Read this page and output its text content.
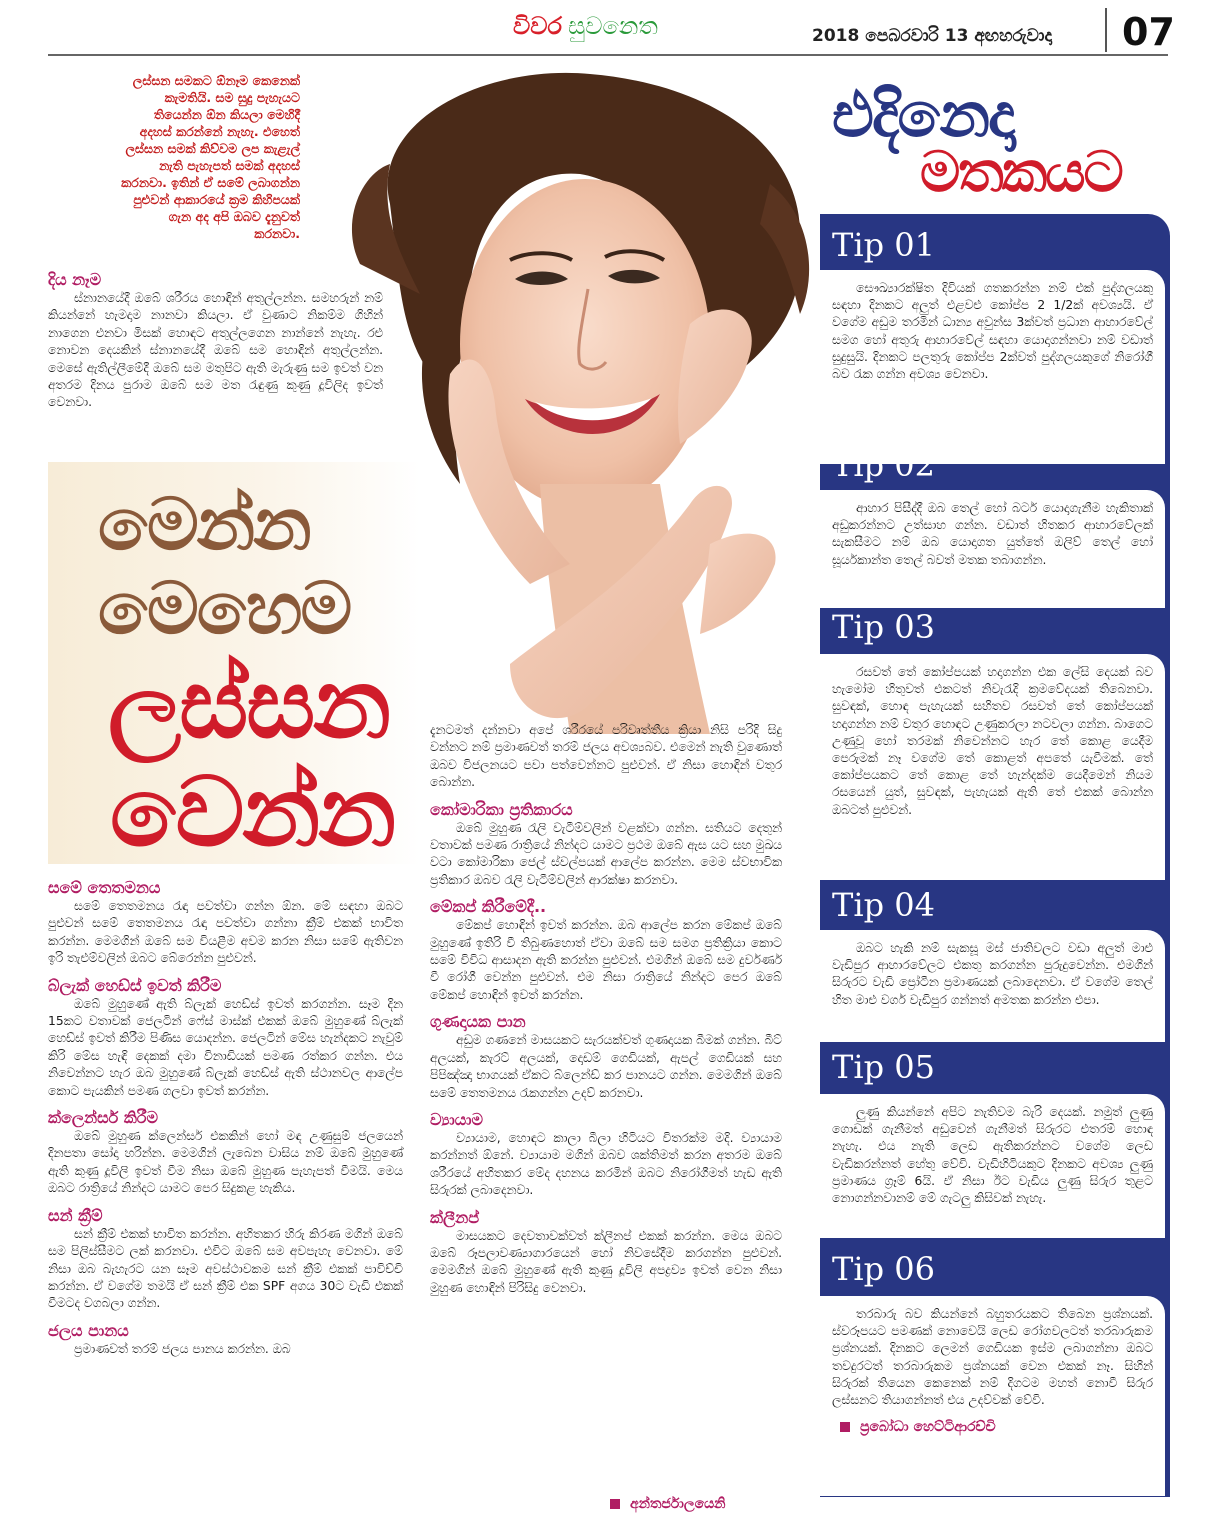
විවර සුවනෙත	2018 පෙබරවාරි 13 අඟහරුවාදා 07
ලස්සන සමකට ඕනෑම කෙනෙක් කැමතියි. සම සුදු පැහැයට තියෙන්න ඕන කියලා මෙහිදී අදහස් කරන්නේ නැහැ. එහෙත් ලස්සන සමක් කිව්වම ලප කැළැල් නැති පැහැපත් සමක් අදහස් කරනවා. ඉතින් ඒ සමේ ලබාගන්න පුළුවන් ආකාරයේ ක්‍රම කිහිපයක් ගැන අද අපි ඔබව දැනුවත් කරනවා.

දිය නෑම

ස්නානයේදී ඔබේ ශරීරය හොඳින් අතුල්ලන්න. සමහරුන් නම් කියන්නේ හැමදාම නානවා කියලා. ඒ වුණාට නිකම්ම ගිහින් නාගෙන එනවා මිසක් හොඳට අතුල්ලගෙන නාන්නේ නැහැ. රළු නොවන දෙයකින් ස්නානයේදී ඔබේ සම හොඳින් අතුල්ලන්න. මෙසේ ඇතිල්ලීමේදී ඔබේ සම මතුපිට ඇති මැරුණු සම ඉවත් වන අතරම දිනය පුරාම ඔබේ සම මත රැඳුණු කුණු දූවිලිද ඉවත් වෙනවා.

මෙන්න
මෙහෙම
ලස්සන
වෙන්න

සමේ තෙතමනය

සමේ තෙතමනය රැඳා පවත්වා ගන්න ඕන. මේ සඳහා ඔබට පුළුවන් සමේ තෙතමනය රැඳා පවත්වා ගන්නා ක්‍රීම් එකක් භාවිත කරන්න. මෙමගින් ඔබේ සම වියළීම අවම කරන නිසා සමේ ඇතිවන ඉරි තැළුම්වලින් ඔබට බේරෙන්න පුළුවන්.

බ්ලැක් හෙඩ්ස් ඉවත් කිරීම

ඔබේ මුහුණේ ඇති බ්ලැක් හෙඩ්ස් ඉවත් කරගන්න. සෑම දින 15කට වතාවක් ජෙලටින් ෆේස් මාස්ක් එකක් ඔබේ මුහුණේ බ්ලැක් හෙඩ්ස් ඉවත් කිරීම පිණිස යොදන්න. ජෙලටින් මේස හැන්දකට නැවුම් කිරි මේස හැඳි දෙකක් දමා විනාඩියක් පමණ රත්කර ගන්න. එය නිවෙන්නට හැර ඔබ මුහුණේ බ්ලැක් හෙඩ්ස් ඇති ස්ථානවල ආලේප කොට පැයකින් පමණ ගලවා ඉවත් කරන්න.

ක්ලෙන්සර් කිරීම

ඔබේ මුහුණ ක්ලෙන්සර් එකකින් හෝ මඳ උණුසුම් ජලයෙන් දිනපතා සෝදා හරින්න. මෙමගින් ලැබෙන වාසිය නම් ඔබේ මුහුණේ ඇති කුණු දූවිලි ඉවත් වීම නිසා ඔබේ මුහුණ පැහැපත් වීමයි. මෙය ඔබට රාත්‍රියේ නින්දට යාමට පෙර සිදුකළ හැකිය.

සන් ක්‍රීම්

සන් ක්‍රීම් එකක් භාවිත කරන්න. අහිතකර හිරු කිරණ මගින් ඔබේ සම පිලිස්සීමට ලක් කරනවා. එවිට ඔබේ සම අවපැහැ වෙනවා. මේ නිසා ඔබ බැහැරට යන සෑම අවස්ථාවකම සන් ක්‍රීම් එකක් පාවිච්චි කරන්න. ඒ වගේම තමයි ඒ සන් ක්‍රීම් එක SPF අගය 30ට වැඩි එකක් වීමටද වගබලා ගන්න.

ජලය පානය

ප්‍රමාණවත් තරම් ජලය පානය කරන්න. ඔබ

දැනටමත් දන්නවා අපේ ශරීරයේ පරිවෘත්තීය ක්‍රියා නිසි පරිදි සිදු වන්නට නම් ප්‍රමාණවත් තරම් ජලය අවශ්‍යබව. එමෙන් නැති වුණොත් ඔබව විජලනයට පවා පත්වෙන්නට පුළුවන්. ඒ නිසා හොඳින් වතුර බොන්න.

කෝමාරිකා ප්‍රතිකාරය

ඔබේ මුහුණ රැලි වැටීම්වලින් වළක්වා ගන්න. සතියට දෙතුන් වතාවක් පමණ රාත්‍රියේ නින්දට යාමට ප්‍රථම ඔබේ ඇස යට සහ මුඛය වටා කෝමාරිකා ජෙල් ස්වල්පයක් ආලේප කරන්න. මෙම ස්වභාවික ප්‍රතිකාර ඔබව රැලි වැටීම්වලින් ආරක්ෂා කරනවා.

මේකප් කිරීමේදී..

මේකප් හොඳින් ඉවත් කරන්න. ඔබ ආලේප කරන මේකප් ඔබේ මුහුණේ ඉතිරි වී තිබුණහොත් ඒවා ඔබේ සම සමග ප්‍රතික්‍රියා කොට සමේ විවිධ ආසාදන ඇති කරන්න පුළුවන්. එමගින් ඔබේ සම දුර්වර්ණ වී රෝගී වෙන්න පුළුවන්. එම නිසා රාත්‍රියේ නින්දට පෙර ඔබේ මේකප් හොඳින් ඉවත් කරන්න.

ගුණදායක පාන

අඩුම ගණනේ මාසයකට සැරයක්වත් ගුණදායක බීමක් ගන්න. බීට් අලයක්, කැරට් අලයක්, දොඩම් ගෙඩියක්, ඇපල් ගෙඩියක් සහ පිපිඤ්ඤා භාගයක් ඒකට බ්ලෙන්ඩ් කර පානයට ගන්න. මෙමගින් ඔබේ සමේ තෙතමනය රැකගන්න උදව් කරනවා.

ව්‍යායාම

ව්‍යායාම, හොඳට කාලා බීලා හිටියට විතරක්ම මදි. ව්‍යායාම කරන්නත් ඕනේ. ව්‍යායාම මගින් ඔබව ශක්තිමත් කරන අතරම ඔබේ ශරීරයේ අහිතකර මේද දහනය කරමින් ඔබට නිරෝගීමත් හැඩ ඇති සිරුරක් ලබාදෙනවා.

ක්ලීනප්

මාසයකට දෙවතාවක්වත් ක්ලීනප් එකක් කරන්න. මෙය ඔබට ඔබේ රූපලාවණ්‍යාගාරයෙන් හෝ නිවසේදීම කරගන්න පුළුවන්. මෙමගින් ඔබේ මුහුණේ ඇති කුණු දූවිලි අපද්‍රව්‍ය ඉවත් වෙන නිසා මුහුණ හොඳින් පිරිසිදු වෙනවා.

අන්තර්ජාලයෙනි
එදිනෙදා
මතකයට
Tip 01

සෞඛ්‍යාරක්ෂිත දිවියක් ගතකරන්න නම් එක් පුද්ගලයකු සඳහා දිනකට අලුත් එළවළු කෝප්ප 2 1/2ක් අවශ්‍යයි. ඒ වගේම අඩුම තරමින් ධාන්‍ය අවුන්ස 3ක්වත් ප්‍රධාන ආහාරවේල් සමග හෝ අතුරු ආහාරවේල් සඳහා යොදාගන්නවා නම් වඩාත් සුදුසුයි. දිනකට පලතුරු කෝප්ප 2ක්වත් පුද්ගලයකුගේ නිරෝගී බව රැක ගන්න අවශ්‍ය වෙනවා.

Tip 02

ආහාර පිසීද්දී ඔබ තෙල් හෝ බටර් යොදාගැනීම හැකිතාක් අඩුකරන්නට උත්සාහ ගන්න. වඩාත් හිතකර ආහාරවේලක් සැකසීමට නම් ඔබ යොදාගත යුත්තේ ඔලිව් තෙල් හෝ සූර්යකාන්ත තෙල් බවත් මතක තබාගන්න.

Tip 03

රසවත් තේ කෝප්පයක් හදාගන්න එක ලේසි දෙයක් බව හැමෝම හිතුවත් එකටත් නිවැරැදි ක්‍රමවේදයක් තිබෙනවා. සුවඳක්, හොඳ පැහැයක් සහිතව රසවත් තේ කෝප්පයක් හදාගන්න නම් වතුර හොඳට උණුකරලා නටවලා ගන්න. බාගෙට උණුවූ හෝ තරමක් නිවෙන්නට හැර තේ කොළ යෙදීම පෙරුමක් නෑ වගේම තේ කොළත් අපතේ යැවීමක්. තේ කෝප්පයකට තේ කොළ තේ හැන්දක්ම යෙදීමෙන් නියම රසයෙන් යුත්, සුවඳක්, පැහැයක් ඇති තේ එකක් බොන්න ඔබටත් පුළුවන්.

Tip 04

ඔබට හැකි නම් සැකසූ මස් ජාතිවලට වඩා අලුත් මාළු වැඩිපුර ආහාරවේලට එකතු කරගන්න පුරුදුවෙන්න. එමගින් සිරුරට වැඩි ප්‍රෝටීන ප්‍රමාණයක් ලබාදෙනවා. ඒ වගේම තෙල් හිත මාළු වර්ග වැඩිපුර ගන්නත් අමතක කරන්න එපා.

Tip 05

ලුණු කියන්නේ අපිට නැතිවම බැරි දෙයක්. නමුත් ලුණු ගොඩක් ගැනීමත් අඩුවෙන් ගැනීමත් සිරුරට එතරම් හොඳ නැහැ. එය නැති ලෙඩ ඇතිකරන්නට වගේම ලෙඩ වැඩිකරන්නත් හේතු වේවි. වැඩිහිටියකුට දිනකට අවශ්‍ය ලුණු ප්‍රමාණය ග්‍රෑම් 6යි. ඒ නිසා ඊට වැඩිය ලුණු සිරුර තුළට නොගන්නවානම් මේ ගැටලු කිසිවක් නැහැ.

Tip 06

තරබාරු බව කියන්නේ බහුතරයකට තිබෙන ප්‍රශ්නයක්. ස්වරූපයට පමණක් නොවෙයි ලෙඩ රෝගවලටත් තරබාරුකම ප්‍රශ්නයක්. දිනකට ලෙමන් ගෙඩියක ඉස්ම ලබාගන්නා ඔබට තවදුරටත් තරබාරුකම ප්‍රශ්නයක් වෙන එකක් නෑ. සිහින් සිරුරක් තියෙන කෙනෙක් නම් දිගටම මහත් නොවී සිරුර ලස්සනට තියාගන්නත් එය උදව්වක් වේවි.

ප්‍රබෝධා හෙට්ටිආරච්චි
